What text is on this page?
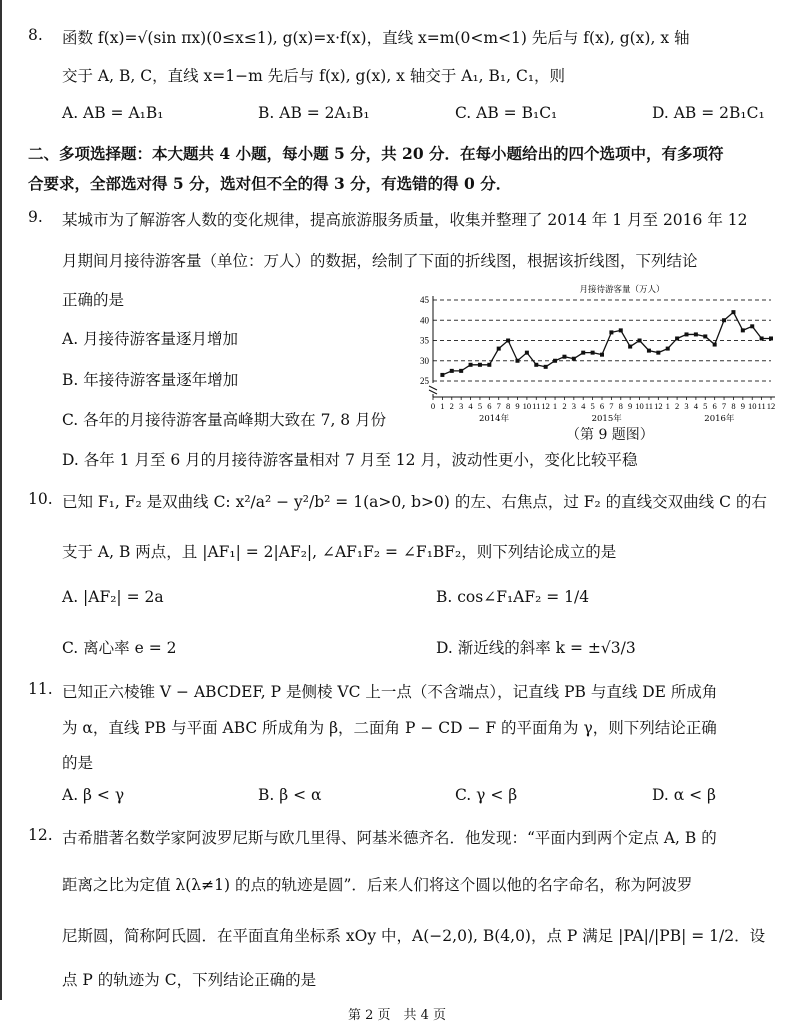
8. 函数 f(x)=√(sin πx)(0≤x≤1), g(x)=x·f(x)，直线 x=m(0<m<1) 先后与 f(x), g(x), x 轴
交于 A, B, C，直线 x=1−m 先后与 f(x), g(x), x 轴交于 A₁, B₁, C₁，则
A. AB = A₁B₁	B. AB = 2A₁B₁	C. AB = B₁C₁	D. AB = 2B₁C₁
二、多项选择题：本大题共 4 小题，每小题 5 分，共 20 分．在每小题给出的四个选项中，有多项符
合要求，全部选对得 5 分，选对但不全的得 3 分，有选错的得 0 分．
9. 某城市为了解游客人数的变化规律，提高旅游服务质量，收集并整理了 2014 年 1 月至 2016 年 12
月期间月接待游客量（单位：万人）的数据，绘制了下面的折线图，根据该折线图，下列结论
正确的是
A. 月接待游客量逐月增加
B. 年接待游客量逐年增加
C. 各年的月接待游客量高峰期大致在 7, 8 月份
D. 各年 1 月至 6 月的月接待游客量相对 7 月至 12 月，波动性更小，变化比较平稳
月接待游客量（万人）
25
30
35
40
45
0 1 2 3 4 5 6 7 8 9 10 11 12 1 2 3 4 5 6 7 8 9 10 11 12 1 2 3 4 5 6 7 8 9 10 11 12
2014年	2015年	2016年
（第 9 题图）
10. 已知 F₁, F₂ 是双曲线 C: x²/a² − y²/b² = 1(a>0, b>0) 的左、右焦点，过 F₂ 的直线交双曲线 C 的右
支于 A, B 两点，且 |AF₁| = 2|AF₂|, ∠AF₁F₂ = ∠F₁BF₂，则下列结论成立的是
A. |AF₂| = 2a	B. cos∠F₁AF₂ = 1/4
C. 离心率 e = 2	D. 渐近线的斜率 k = ±√3/3
11. 已知正六棱锥 V − ABCDEF, P 是侧棱 VC 上一点（不含端点），记直线 PB 与直线 DE 所成角
为 α，直线 PB 与平面 ABC 所成角为 β，二面角 P − CD − F 的平面角为 γ，则下列结论正确
的是
A. β < γ	B. β < α	C. γ < β	D. α < β
12. 古希腊著名数学家阿波罗尼斯与欧几里得、阿基米德齐名．他发现：“平面内到两个定点 A, B 的
距离之比为定值 λ(λ≠1) 的点的轨迹是圆”．后来人们将这个圆以他的名字命名，称为阿波罗
尼斯圆，简称阿氏圆．在平面直角坐标系 xOy 中，A(−2,0), B(4,0)，点 P 满足 |PA|/|PB| = 1/2．设
点 P 的轨迹为 C，下列结论正确的是
第 2 页　共 4 页
